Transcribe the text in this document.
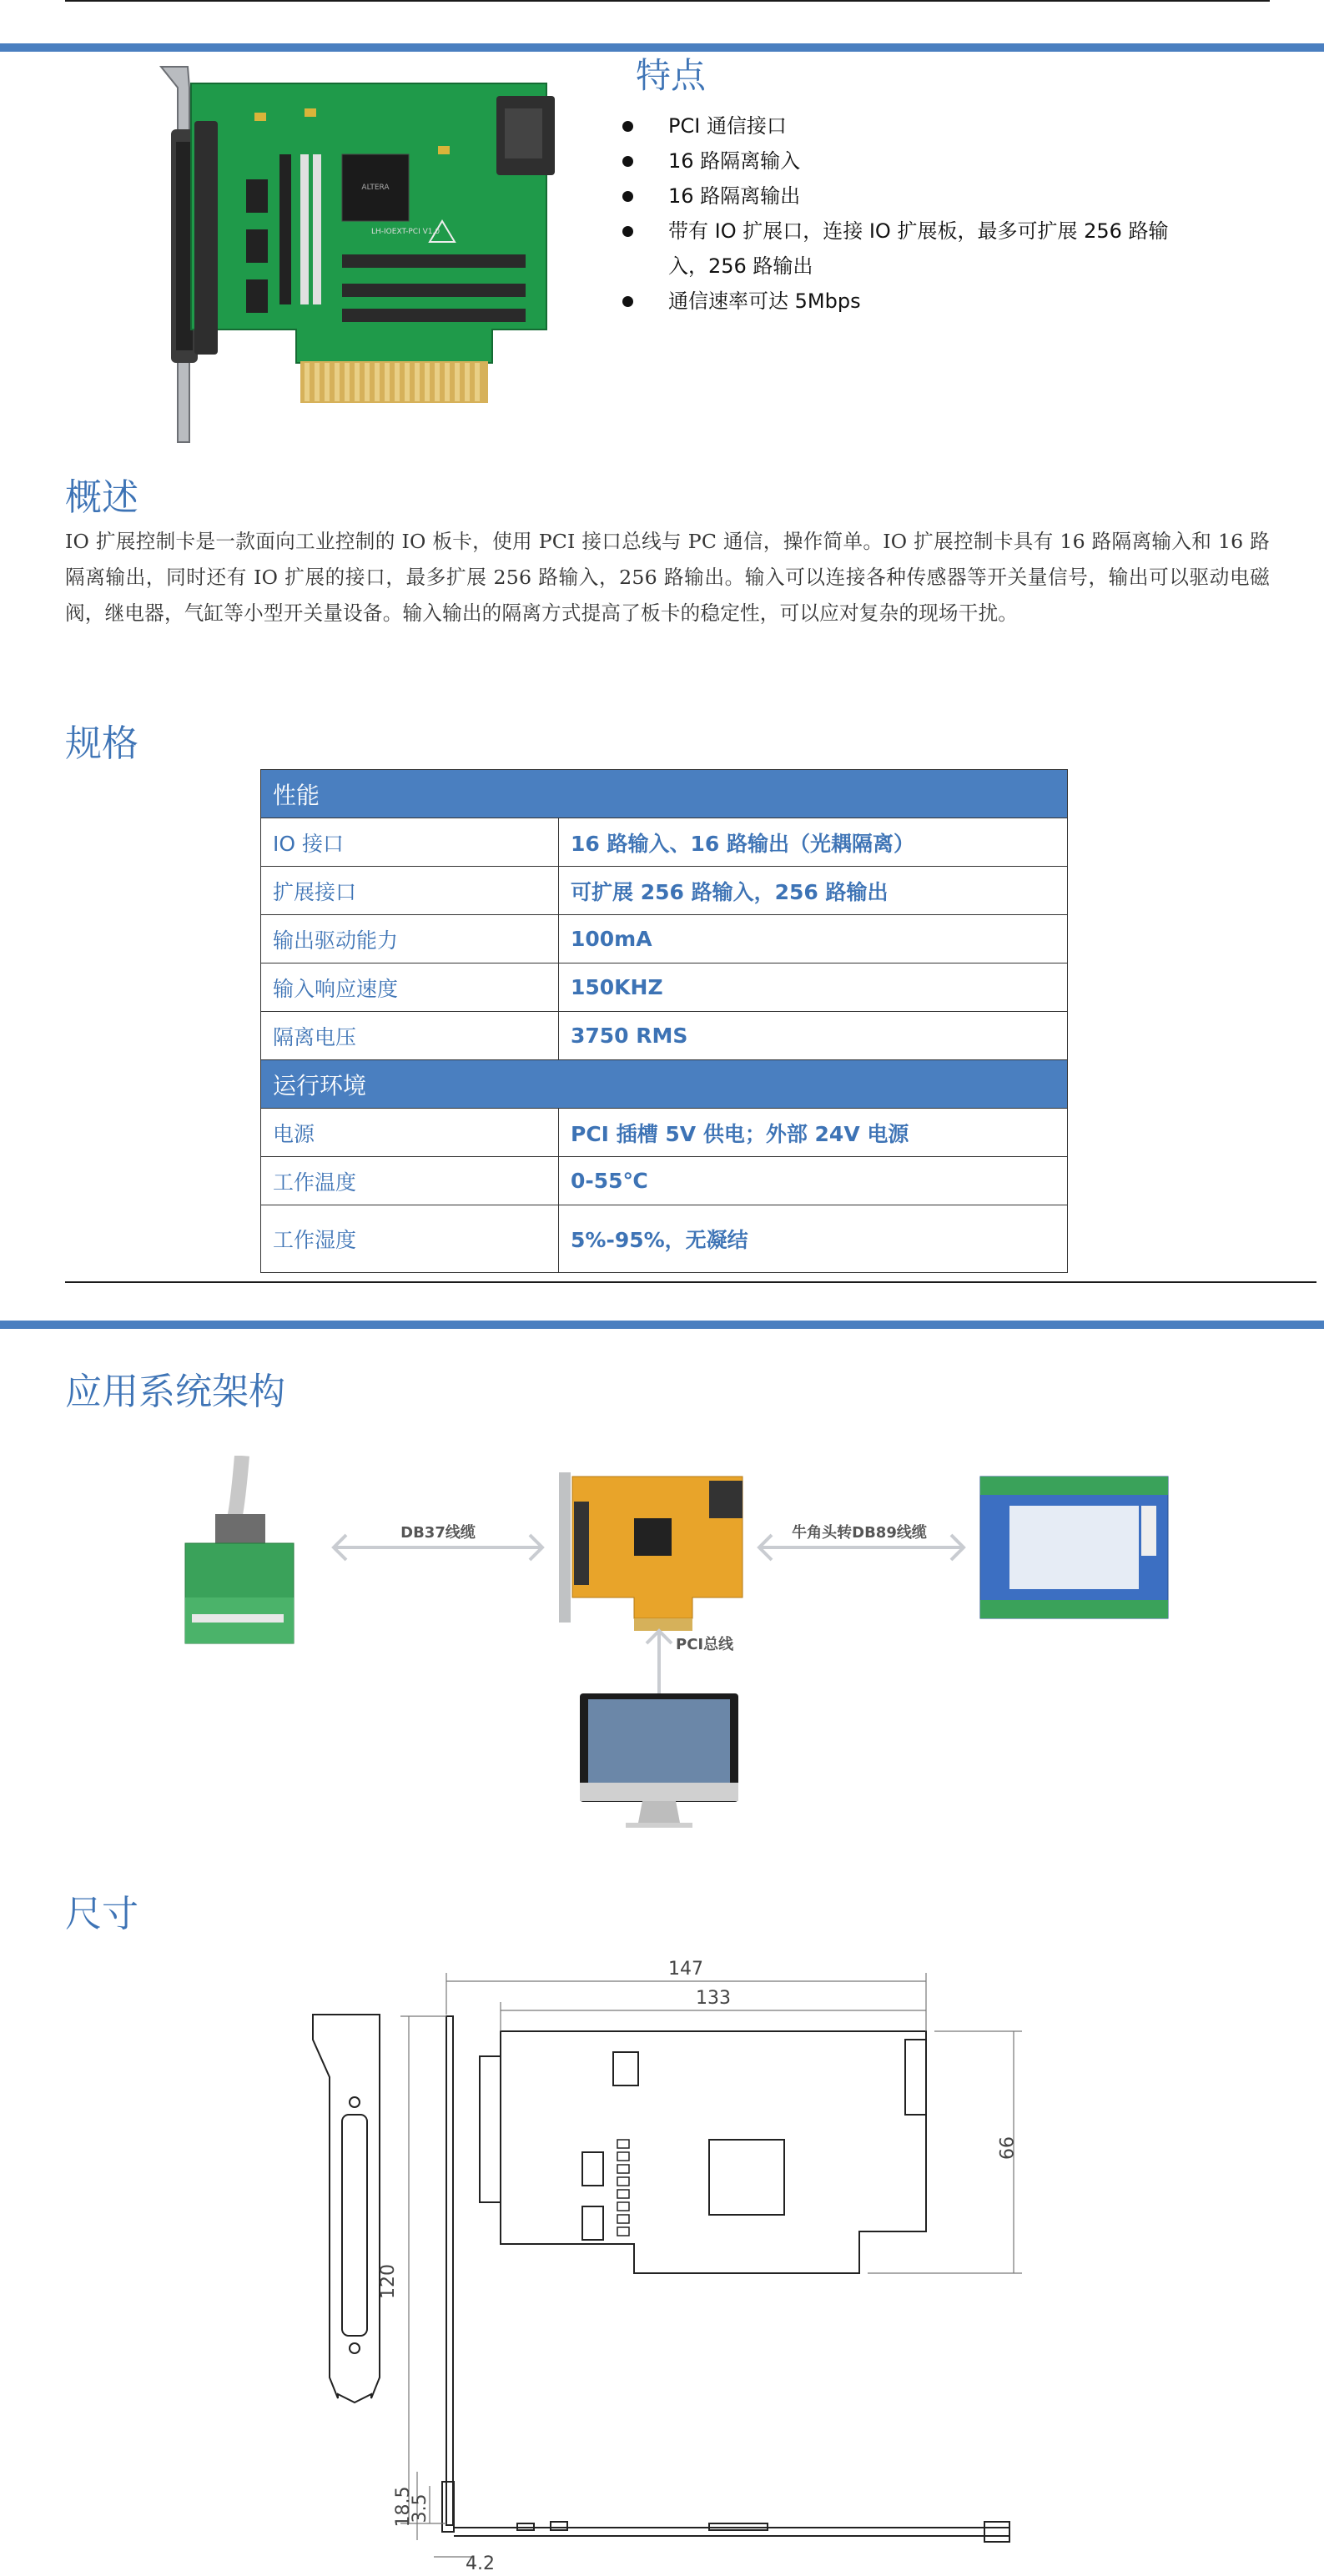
ALTERA
LH-IOEXT-PCI V1.0
特点
PCI 通信接口
16 路隔离输入
16 路隔离输出
带有 IO 扩展口，连接 IO 扩展板，最多可扩展 256 路输入，256 路输出
通信速率可达 5Mbps
概述
IO 扩展控制卡是一款面向工业控制的 IO 板卡，使用 PCI 接口总线与 PC 通信，操作简单。IO 扩展控制卡具有 16 路隔离输入和 16 路隔离输出，同时还有 IO 扩展的接口，最多扩展 256 路输入，256 路输出。输入可以连接各种传感器等开关量信号，输出可以驱动电磁阀，继电器，气缸等小型开关量设备。输入输出的隔离方式提高了板卡的稳定性，可以应对复杂的现场干扰。
规格
性能	
IO 接口	16 路输入、16 路输出（光耦隔离）
扩展接口	可扩展 256 路输入，256 路输出
输出驱动能力	100mA
输入响应速度	150KHZ
隔离电压	3750 RMS
运行环境	
电源	PCI 插槽 5V 供电；外部 24V 电源
工作温度	0-55℃
工作湿度	5%-95%，无凝结
应用系统架构
DB37线缆	牛角头转DB89线缆
PCI总线
尺寸
147
133
120
99
18.5
3.5
4.2
